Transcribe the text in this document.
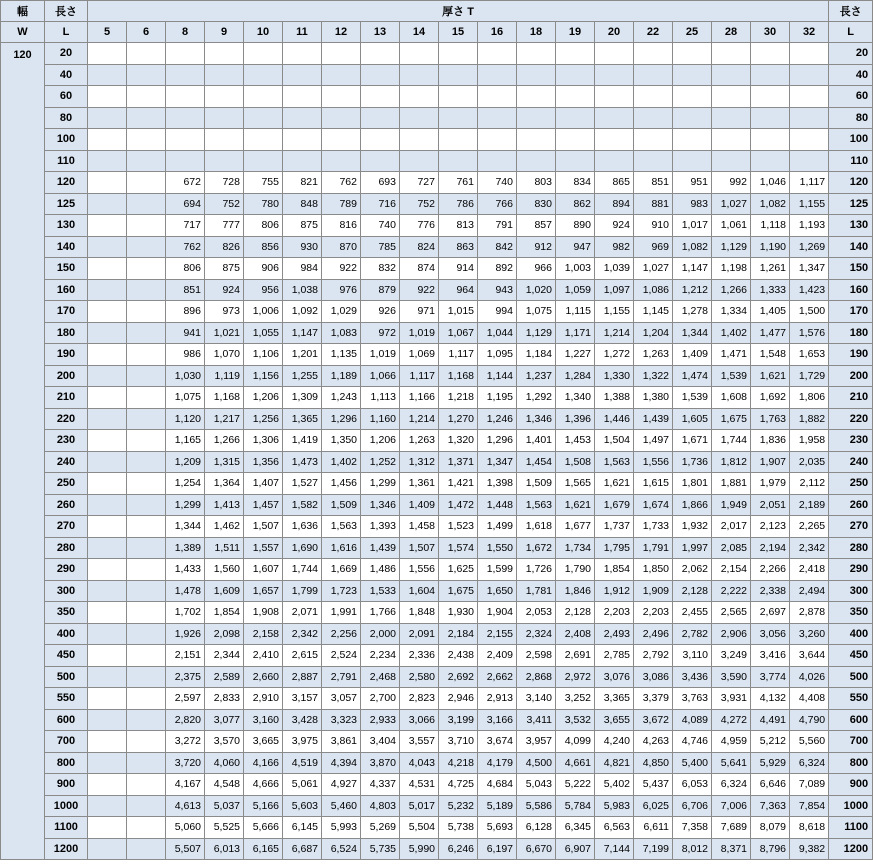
幅	長さ	厚さ T																			長さ
W	L	5	6	8	9	10	11	12	13	14	15	16	18	19	20	22	25	28	30	32	L
120	20																				20
	40																				40
	60																				60
	80																				80
	100																				100
	110																				110
	120			672	728	755	821	762	693	727	761	740	803	834	865	851	951	992	1,046	1,117	120
	125			694	752	780	848	789	716	752	786	766	830	862	894	881	983	1,027	1,082	1,155	125
	130			717	777	806	875	816	740	776	813	791	857	890	924	910	1,017	1,061	1,118	1,193	130
	140			762	826	856	930	870	785	824	863	842	912	947	982	969	1,082	1,129	1,190	1,269	140
	150			806	875	906	984	922	832	874	914	892	966	1,003	1,039	1,027	1,147	1,198	1,261	1,347	150
	160			851	924	956	1,038	976	879	922	964	943	1,020	1,059	1,097	1,086	1,212	1,266	1,333	1,423	160
	170			896	973	1,006	1,092	1,029	926	971	1,015	994	1,075	1,115	1,155	1,145	1,278	1,334	1,405	1,500	170
	180			941	1,021	1,055	1,147	1,083	972	1,019	1,067	1,044	1,129	1,171	1,214	1,204	1,344	1,402	1,477	1,576	180
	190			986	1,070	1,106	1,201	1,135	1,019	1,069	1,117	1,095	1,184	1,227	1,272	1,263	1,409	1,471	1,548	1,653	190
	200			1,030	1,119	1,156	1,255	1,189	1,066	1,117	1,168	1,144	1,237	1,284	1,330	1,322	1,474	1,539	1,621	1,729	200
	210			1,075	1,168	1,206	1,309	1,243	1,113	1,166	1,218	1,195	1,292	1,340	1,388	1,380	1,539	1,608	1,692	1,806	210
	220			1,120	1,217	1,256	1,365	1,296	1,160	1,214	1,270	1,246	1,346	1,396	1,446	1,439	1,605	1,675	1,763	1,882	220
	230			1,165	1,266	1,306	1,419	1,350	1,206	1,263	1,320	1,296	1,401	1,453	1,504	1,497	1,671	1,744	1,836	1,958	230
	240			1,209	1,315	1,356	1,473	1,402	1,252	1,312	1,371	1,347	1,454	1,508	1,563	1,556	1,736	1,812	1,907	2,035	240
	250			1,254	1,364	1,407	1,527	1,456	1,299	1,361	1,421	1,398	1,509	1,565	1,621	1,615	1,801	1,881	1,979	2,112	250
	260			1,299	1,413	1,457	1,582	1,509	1,346	1,409	1,472	1,448	1,563	1,621	1,679	1,674	1,866	1,949	2,051	2,189	260
	270			1,344	1,462	1,507	1,636	1,563	1,393	1,458	1,523	1,499	1,618	1,677	1,737	1,733	1,932	2,017	2,123	2,265	270
	280			1,389	1,511	1,557	1,690	1,616	1,439	1,507	1,574	1,550	1,672	1,734	1,795	1,791	1,997	2,085	2,194	2,342	280
	290			1,433	1,560	1,607	1,744	1,669	1,486	1,556	1,625	1,599	1,726	1,790	1,854	1,850	2,062	2,154	2,266	2,418	290
	300			1,478	1,609	1,657	1,799	1,723	1,533	1,604	1,675	1,650	1,781	1,846	1,912	1,909	2,128	2,222	2,338	2,494	300
	350			1,702	1,854	1,908	2,071	1,991	1,766	1,848	1,930	1,904	2,053	2,128	2,203	2,203	2,455	2,565	2,697	2,878	350
	400			1,926	2,098	2,158	2,342	2,256	2,000	2,091	2,184	2,155	2,324	2,408	2,493	2,496	2,782	2,906	3,056	3,260	400
	450			2,151	2,344	2,410	2,615	2,524	2,234	2,336	2,438	2,409	2,598	2,691	2,785	2,792	3,110	3,249	3,416	3,644	450
	500			2,375	2,589	2,660	2,887	2,791	2,468	2,580	2,692	2,662	2,868	2,972	3,076	3,086	3,436	3,590	3,774	4,026	500
	550			2,597	2,833	2,910	3,157	3,057	2,700	2,823	2,946	2,913	3,140	3,252	3,365	3,379	3,763	3,931	4,132	4,408	550
	600			2,820	3,077	3,160	3,428	3,323	2,933	3,066	3,199	3,166	3,411	3,532	3,655	3,672	4,089	4,272	4,491	4,790	600
	700			3,272	3,570	3,665	3,975	3,861	3,404	3,557	3,710	3,674	3,957	4,099	4,240	4,263	4,746	4,959	5,212	5,560	700
	800			3,720	4,060	4,166	4,519	4,394	3,870	4,043	4,218	4,179	4,500	4,661	4,821	4,850	5,400	5,641	5,929	6,324	800
	900			4,167	4,548	4,666	5,061	4,927	4,337	4,531	4,725	4,684	5,043	5,222	5,402	5,437	6,053	6,324	6,646	7,089	900
	1000			4,613	5,037	5,166	5,603	5,460	4,803	5,017	5,232	5,189	5,586	5,784	5,983	6,025	6,706	7,006	7,363	7,854	1000
	1100			5,060	5,525	5,666	6,145	5,993	5,269	5,504	5,738	5,693	6,128	6,345	6,563	6,611	7,358	7,689	8,079	8,618	1100
	1200			5,507	6,013	6,165	6,687	6,524	5,735	5,990	6,246	6,197	6,670	6,907	7,144	7,199	8,012	8,371	8,796	9,382	1200
